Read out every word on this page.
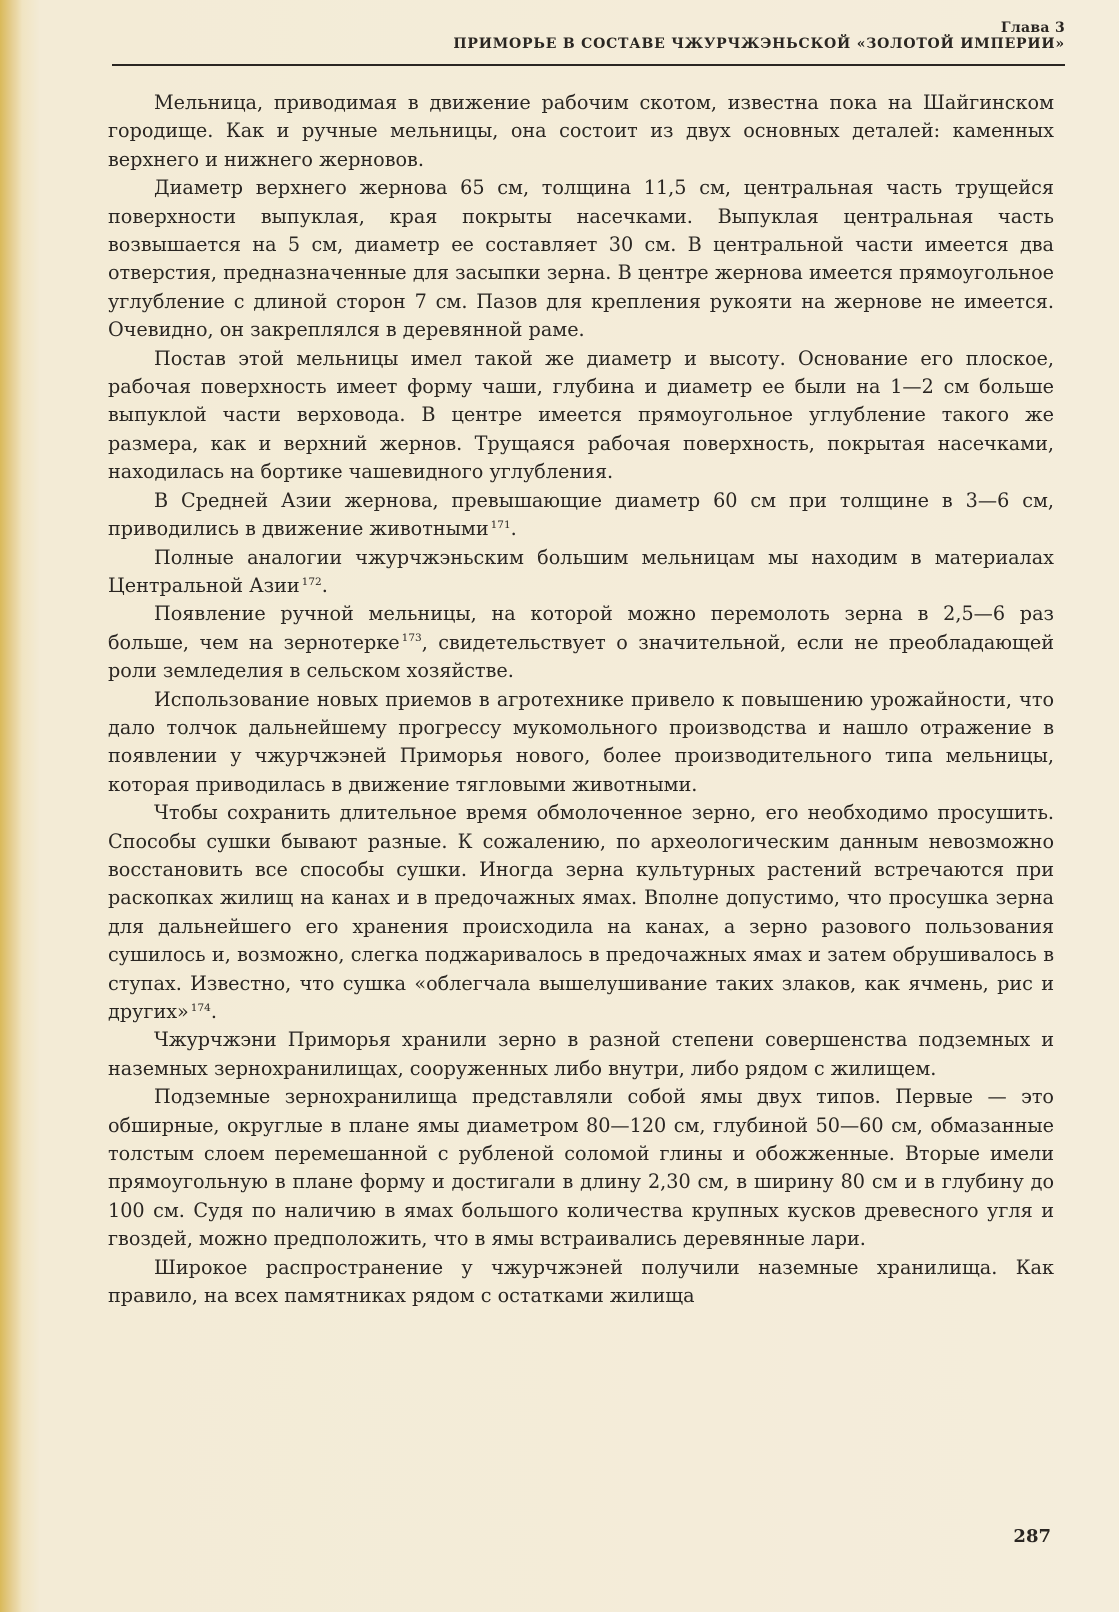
Глава 3
ПРИМОРЬЕ В СОСТАВЕ ЧЖУРЧЖЭНЬСКОЙ «ЗОЛОТОЙ ИМПЕРИИ»

Мельница, приводимая в движение рабочим скотом, известна пока на Шайгинском городище. Как и ручные мельницы, она состоит из двух основных деталей: каменных верхнего и нижнего жерновов.

Диаметр верхнего жернова 65 см, толщина 11,5 см, центральная часть трущейся поверхности выпуклая, края покрыты насечками. Выпуклая центральная часть возвышается на 5 см, диаметр ее составляет 30 см. В центральной части имеется два отверстия, предназначенные для засыпки зерна. В центре жернова имеется прямоугольное углубление с длиной сторон 7 см. Пазов для крепления рукояти на жернове не имеется. Очевидно, он закреплялся в деревянной раме.

Постав этой мельницы имел такой же диаметр и высоту. Основание его плоское, рабочая поверхность имеет форму чаши, глубина и диаметр ее были на 1—2 см больше выпуклой части верховода. В центре имеется прямоугольное углубление такого же размера, как и верхний жернов. Трущаяся рабочая поверхность, покрытая насечками, находилась на бортике чашевидного углубления.

В Средней Азии жернова, превышающие диаметр 60 см при толщине в 3—6 см, приводились в движение животными $^{171}$.

Полные аналогии чжурчжэньским большим мельницам мы находим в материалах Центральной Азии $^{172}$.

Появление ручной мельницы, на которой можно перемолоть зерна в 2,5—6 раз больше, чем на зернотерке $^{173}$, свидетельствует о значительной, если не преобладающей роли земледелия в сельском хозяйстве.

Использование новых приемов в агротехнике привело к повышению урожайности, что дало толчок дальнейшему прогрессу мукомольного производства и нашло отражение в появлении у чжурчжэней Приморья нового, более производительного типа мельницы, которая приводилась в движение тягловыми животными.

Чтобы сохранить длительное время обмолоченное зерно, его необходимо просушить. Способы сушки бывают разные. К сожалению, по археологическим данным невозможно восстановить все способы сушки. Иногда зерна культурных растений встречаются при раскопках жилищ на канах и в предочажных ямах. Вполне допустимо, что просушка зерна для дальнейшего его хранения происходила на канах, а зерно разового пользования сушилось и, возможно, слегка поджаривалось в предочажных ямах и затем обрушивалось в ступах. Известно, что сушка «облегчала вышелушивание таких злаков, как ячмень, рис и других» $^{174}$.

Чжурчжэни Приморья хранили зерно в разной степени совершенства подземных и наземных зернохранилищах, сооруженных либо внутри, либо рядом с жилищем.

Подземные зернохранилища представляли собой ямы двух типов. Первые — это обширные, округлые в плане ямы диаметром 80—120 см, глубиной 50—60 см, обмазанные толстым слоем перемешанной с рубленой соломой глины и обожженные. Вторые имели прямоугольную в плане форму и достигали в длину 2,30 см, в ширину 80 см и в глубину до 100 см. Судя по наличию в ямах большого количества крупных кусков древесного угля и гвоздей, можно предположить, что в ямы встраивались деревянные лари.

Широкое распространение у чжурчжэней получили наземные хранилища. Как правило, на всех памятниках рядом с остатками жилища

287
